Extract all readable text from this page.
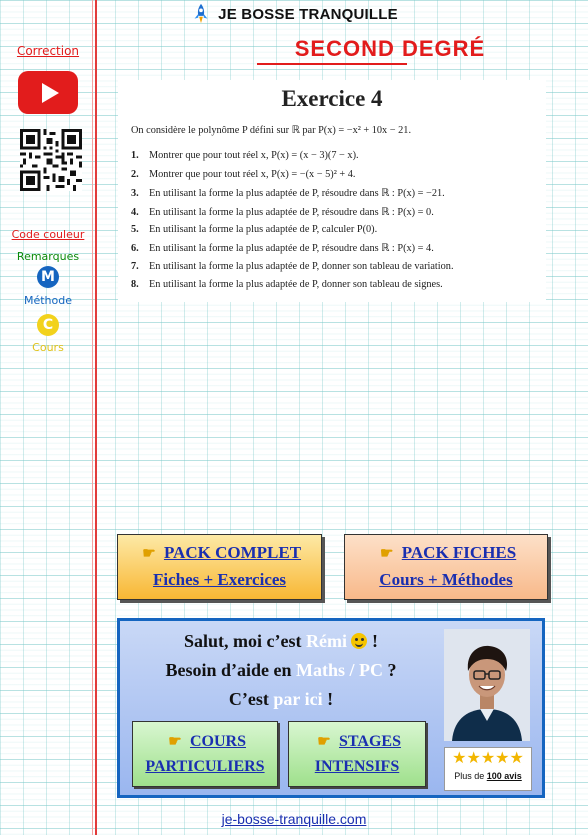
JE BOSSE TRANQUILLE
SECOND DEGRÉ
Correction
Code couleur
Remarques
M
Méthode
C
Cours
Exercice 4
On considère le polynôme P défini sur ℝ par P(x) = −x² + 10x − 21.
1. Montrer que pour tout réel x, P(x) = (x − 3)(7 − x).
2. Montrer que pour tout réel x, P(x) = −(x − 5)² + 4.
3. En utilisant la forme la plus adaptée de P, résoudre dans ℝ : P(x) = −21.
4. En utilisant la forme la plus adaptée de P, résoudre dans ℝ : P(x) = 0.
5. En utilisant la forme la plus adaptée de P, calculer P(0).
6. En utilisant la forme la plus adaptée de P, résoudre dans ℝ : P(x) = 4.
7. En utilisant la forme la plus adaptée de P, donner son tableau de variation.
8. En utilisant la forme la plus adaptée de P, donner son tableau de signes.
☛ PACK COMPLET
Fiches + Exercices
☛ PACK FICHES
Cours + Méthodes
Salut, moi c’est Rémi  !
Besoin d’aide en Maths / PC ?
C’est par ici !
☛ COURS
PARTICULIERS
☛ STAGES
INTENSIFS	★★★★★
Plus de 100 avis
je-bosse-tranquille.com
